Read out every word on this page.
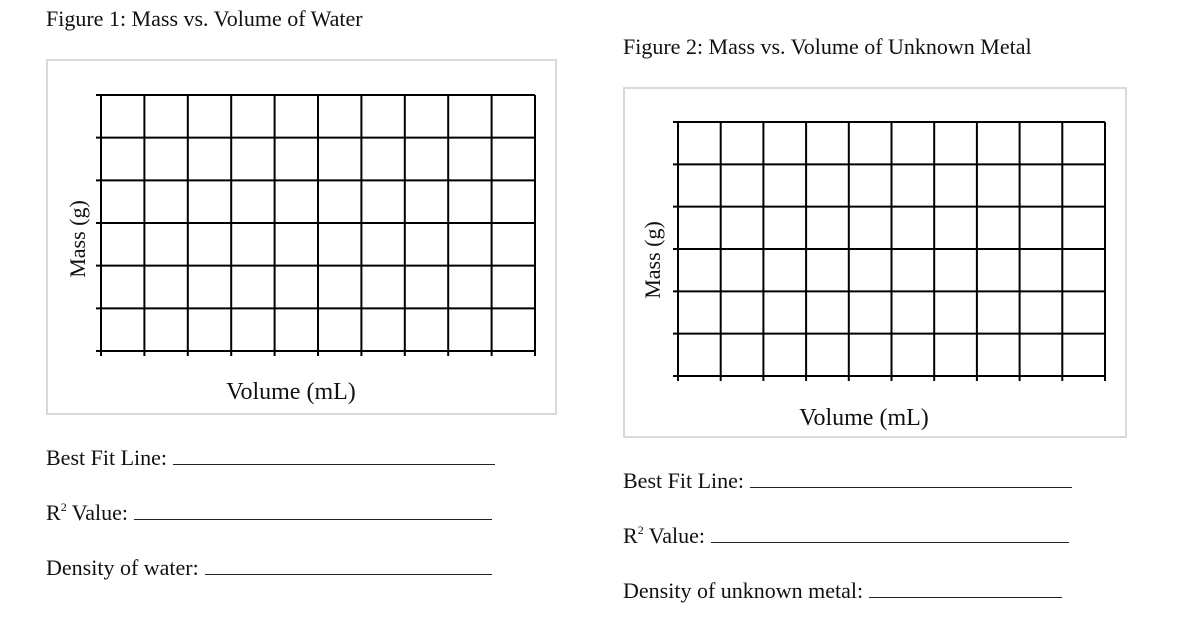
Figure 1: Mass vs. Volume of Water
Mass (g)
Volume (mL)
Best Fit Line:
$R^2$ Value:
Density of water:
Figure 2: Mass vs. Volume of Unknown Metal
Mass (g)
Volume (mL)
Best Fit Line:
$R^2$ Value:
Density of unknown metal:
